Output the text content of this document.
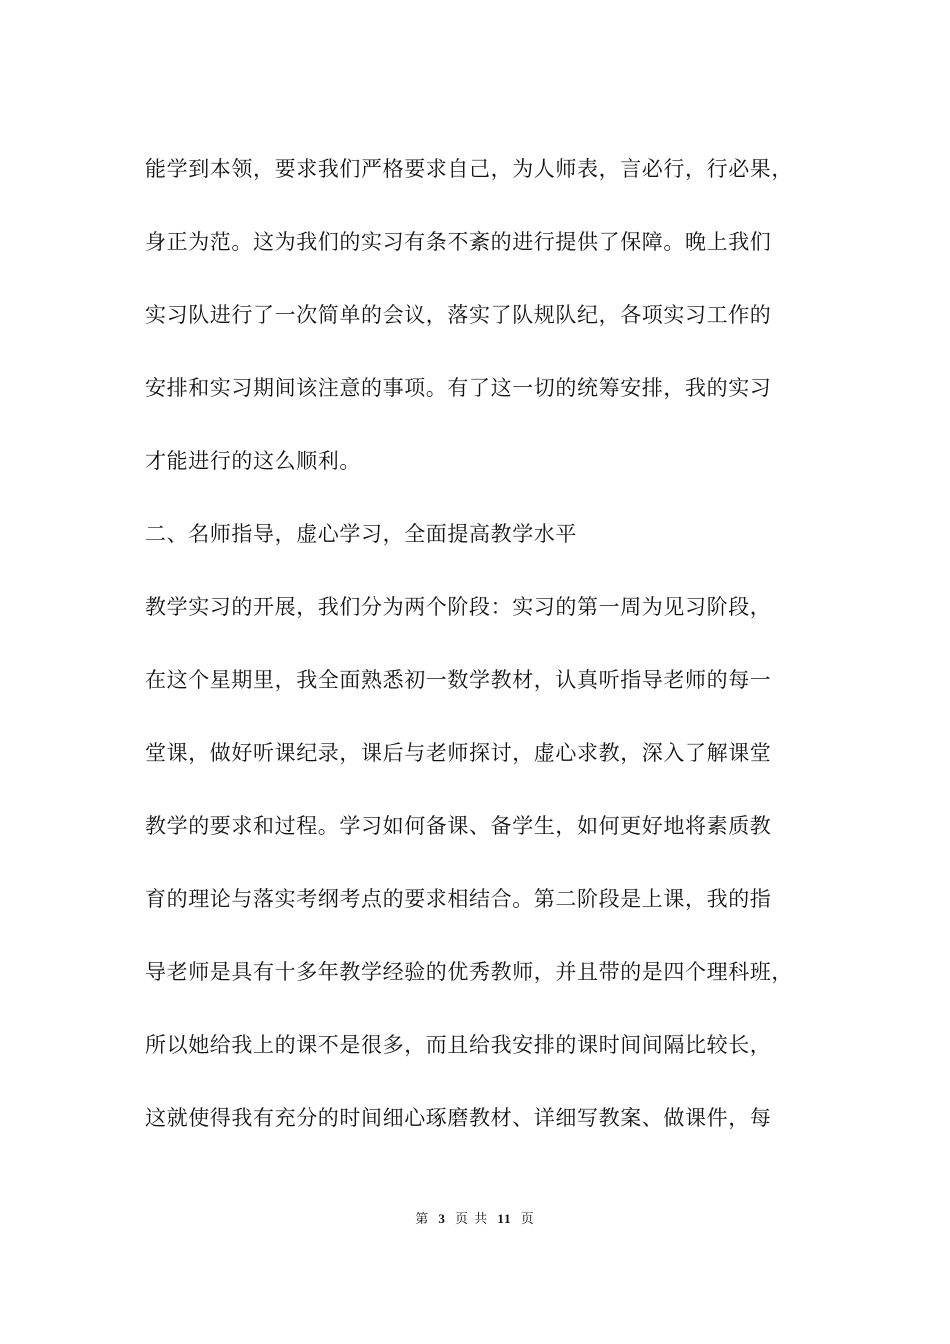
能学到本领，要求我们严格要求自己，为人师表，言必行，行必果，
身正为范。这为我们的实习有条不紊的进行提供了保障。晚上我们
实习队进行了一次简单的会议，落实了队规队纪，各项实习工作的
安排和实习期间该注意的事项。有了这一切的统筹安排，我的实习
才能进行的这么顺利。
二、名师指导，虚心学习，全面提高教学水平
教学实习的开展，我们分为两个阶段：实习的第一周为见习阶段，
在这个星期里，我全面熟悉初一数学教材，认真听指导老师的每一
堂课，做好听课纪录，课后与老师探讨，虚心求教，深入了解课堂
教学的要求和过程。学习如何备课、备学生，如何更好地将素质教
育的理论与落实考纲考点的要求相结合。第二阶段是上课，我的指
导老师是具有十多年教学经验的优秀教师，并且带的是四个理科班，
所以她给我上的课不是很多，而且给我安排的课时间间隔比较长，
这就使得我有充分的时间细心琢磨教材、详细写教案、做课件，每
第 3 页 共 11 页
